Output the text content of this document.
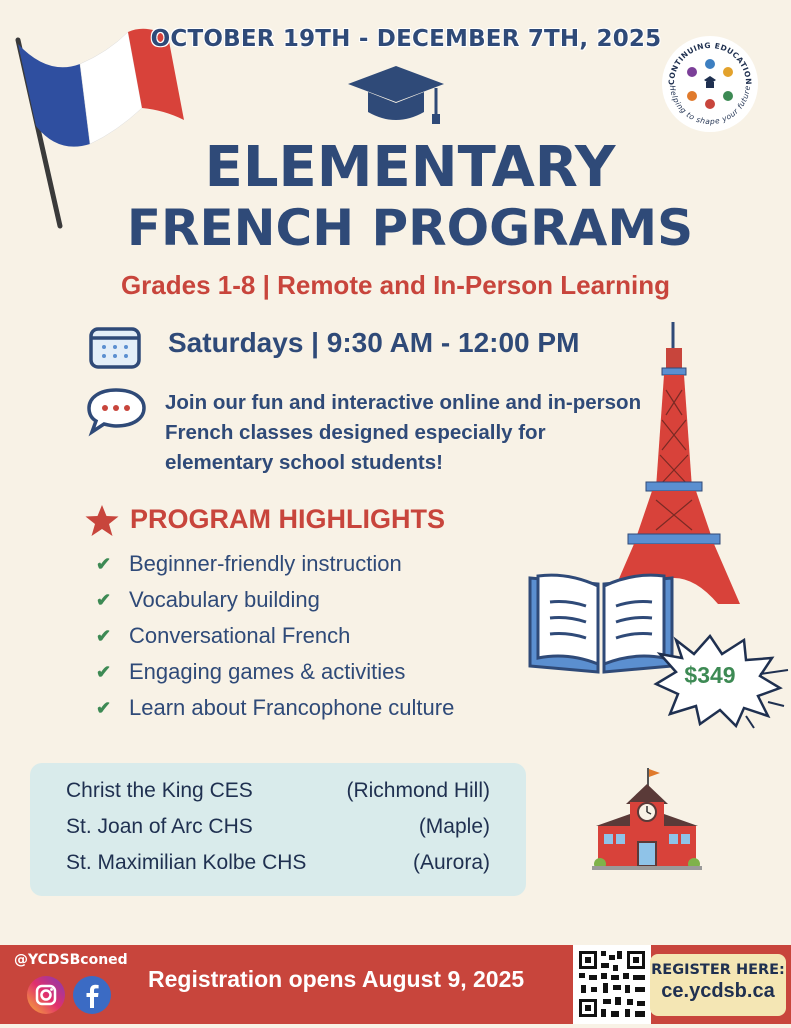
OCTOBER 19TH - DECEMBER 7TH, 2025
CONTINUING EDUCATION
Helping to shape your future
ELEMENTARY
FRENCH PROGRAMS
Grades 1-8 | Remote and In-Person Learning
Saturdays | 9:30 AM - 12:00 PM
Join our fun and interactive online and in-person French classes designed especially for elementary school students!
$349
PROGRAM HIGHLIGHTS
✔ Beginner-friendly instruction
✔ Vocabulary building
✔ Conversational French
✔ Engaging games & activities
✔ Learn about Francophone culture
Christ the King CES	(Richmond Hill)
St. Joan of Arc CHS	(Maple)
St. Maximilian Kolbe CHS	(Aurora)
@YCDSBconed
Registration opens August 9, 2025	REGISTER HERE:
ce.ycdsb.ca
